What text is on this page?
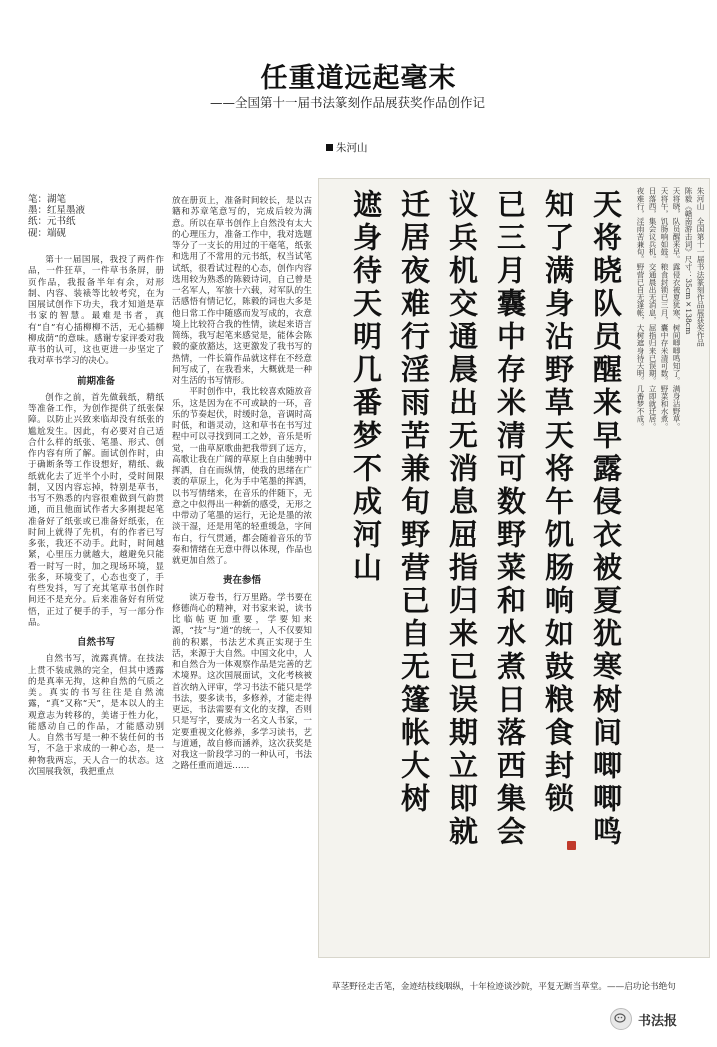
任重道远起毫末
——全国第十一届书法篆刻作品展获奖作品创作记
朱河山
笔：湖笔
墨：红星墨液
纸：元书纸
砚：端砚

第十一届国展，我投了两件作品，一件狂草，一件草书条屏，册页作品，我报备半年有余，对形制、内容、装裱等比较考究，在为国展试创作下功夫，我才知道是草书家的智慧。最难是书者，真有“自”有心插柳柳不活，无心插柳柳成荫”的意味。感谢专家评委对我草书的认可，这也更进一步坚定了我对草书学习的决心。

前期准备

创作之前，首先做载纸，精纸等准备工作，为创作提供了纸张保障。以防止兴致来临却没有纸张的尴尬发生。因此，有必要对自己适合什么样的纸张、笔墨、形式、创作内容有所了解。面试创作时，由于确断条等工作设想好，精纸、裁纸就化去了近半个小时，受时间限制，又因内容忘掉，特别是草书，书写不熟悉的内容很难做到气韵贯通，而且他面试作者大多刚提起笔准备好了纸张或已准备好纸张，在时间上就得了先机，有的作者已写多张，我还不动手。此时，时间越紧，心里压力就越大，越避免只能看一时写一时，加之现场环境，显张多，环境变了，心态也变了，手有些发抖，写了充其笔草书创作时间还不是充分。后来准备好有所觉悟，正过了便手的手，写一部分作品。

自然书写

自然书写，流露真情。在技法上贯不装成熟的完全，但其中透露的是真率无拘，这种自然的气质之美。真实的书写往往是自然流露，“真”又称“天”，是本以人的主观意志为转移的，美诸于性力化，能感动自己的作品，才能感动别人。自然书写是一种不装任何的书写，不急于求成的一种心态，是一种物我两忘，天人合一的状态。这次国展我领，我把重点

放在册页上，准备时间较长，是以古籍和苏章笔意写的，完成后较为满意。所以在草书创作上自然没有太大的心理压力，准备工作中，我对选题等分了一支长的用过的干毫笔，纸张和选用了不常用的元书纸，权当试笔试纸，很看试过程的心态，创作内容选用较为熟悉的陈毅诗词，自己曾是一名军人，军旅十六载，对军队的生活感悟有情记忆，陈毅的词也大多是他日常工作中随感而发写成的，衣意境上比较符合我的性情，读起来语言简练，我写起笔来感觉是，能体会陈毅的豪放豁达，这更激发了我书写的热情，一件长篇作品就这样在不经意间写成了，在我看来，大概就是一种对生活的书写情形。

平时创作中，我比较喜欢随放音乐，这是因为在不可或缺的一环，音乐的节奏起伏，时缓时急，音调时高时低，和谐灵动，这和草书在书写过程中可以寻找到同工之妙，音乐是听觉，一曲草原歌曲把我带到了远方，高歌让我在广阔的草原上自由驰骋中挥洒，自在而纵情，使我的思绪在广袤的草原上，化为手中笔墨的挥洒，以书写情绪来，在音乐的伴随下，无意之中似得出一种新的感受，无形之中带动了笔墨的运行，无论是墨的浓淡干湿，还是用笔的轻重缓急，字间布白，行气贯通，都会随着音乐的节奏和情绪在无意中得以体现，作品也就更加自然了。

责在参悟

读万卷书，行万里路。学书要在修德尚心的精神，对书家来说，读书比临帖更加重要，学要知来源，“技”与“道”的统一，人不仅要知前的积累，书法艺术真正实现于生活，来源于大自然。中国文化中，人和自然合为一体观察作品是完善的艺术境界。这次国展面试，文化考核被首次纳入评审，学习书法不能只是学书法，要多读书，多修养，才能走得更远，书法需要有文化的支撑，否则只是写字，要成为一名文人书家，一定要重视文化修养，多学习读书，艺与道通，故自修而涵养，这次获奖是对我这一阶段学习的一种认可，书法之路任重而道远……

朱河山　全国第十一届书法篆刻作品展获奖作品
陈毅《赣南游击词》尺寸：35cm×138cm
天将晓，队员醒来早。露侵衣被夏犹寒，树间唧唧鸣知了。满身沾野草。
天将午，饥肠响如鼓。粮食封锁已三月，囊中存米清可数。野菜和水煮。
日落西，集会议兵机。交通晨出无消息，屈指归来已误期。立即就迁居。
夜难行，淫雨苦兼旬。野营已自无篷帐，大树遮身待天明。几番梦不成。
天将晓队员醒来早露侵衣被夏犹寒树间唧唧鸣
知了满身沾野草天将午饥肠响如鼓粮食封锁
已三月囊中存米清可数野菜和水煮日落西集会
议兵机交通晨出无消息屈指归来已误期立即就
迁居夜难行淫雨苦兼旬野营已自无篷帐大树
遮身待天明几番梦不成河山
草茎野径走舌笔，金迹结枝线咽纵，十年检迹谈沙院，平复无断当草堂。——启功论书绝句
书法报
